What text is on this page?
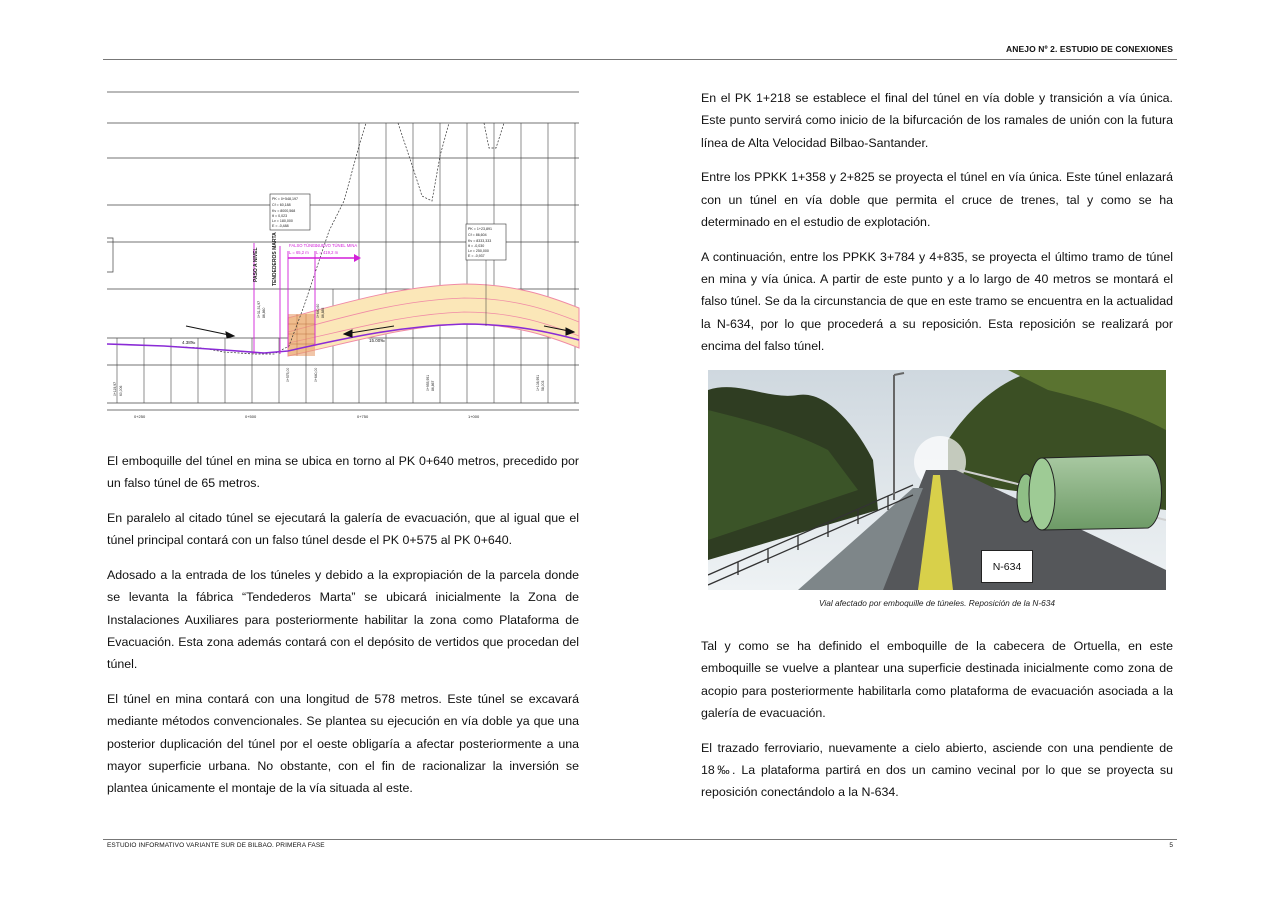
ANEJO Nº 2. ESTUDIO DE CONEXIONES
FALSO TÚNEL
NUEVO TÚNEL MINA
L = 65,2 m L = 419,2 m
PASO A NIVEL	TENDEDEROS MARTA
PK = 0+548,197
Cf = 60,188
Kv = 8000,568
θ = 0,023
Lv = 180,000
E = -0,488
PK = 1+23,891
Cf = 86,604
Kv = 8333,333
θ = -0,030
Lv = 250,000
E = -0,937
4.38‰	15.00‰
0+119,97 60,006
0+31,51,97 86,860
0+575,00	0+640,00
0+640,60 86,885
0+955,951 86,867	1+108,951 58,003
0+250	0+500	0+750	1+000

El emboquille del túnel en mina se ubica en torno al PK 0+640 metros, precedido por un falso túnel de 65 metros.

En paralelo al citado túnel se ejecutará la galería de evacuación, que al igual que el túnel principal contará con un falso túnel desde el PK 0+575 al PK 0+640.

Adosado a la entrada de los túneles y debido a la expropiación de la parcela donde se levanta la fábrica “Tendederos Marta” se ubicará inicialmente la Zona de Instalaciones Auxiliares para posteriormente habilitar la zona como Plataforma de Evacuación. Esta zona además contará con el depósito de vertidos que procedan del túnel.

El túnel en mina contará con una longitud de 578 metros. Este túnel se excavará mediante métodos convencionales. Se plantea su ejecución en vía doble ya que una posterior duplicación del túnel por el oeste obligaría a afectar posteriormente a una mayor superficie urbana. No obstante, con el fin de racionalizar la inversión se plantea únicamente el montaje de la vía situada al este.

En el PK 1+218 se establece el final del túnel en vía doble y transición a vía única. Este punto servirá como inicio de la bifurcación de los ramales de unión con la futura línea de Alta Velocidad Bilbao-Santander.

Entre los PPKK 1+358 y 2+825 se proyecta el túnel en vía única. Este túnel enlazará con un túnel en vía doble que permita el cruce de trenes, tal y como se ha determinado en el estudio de explotación.

A continuación, entre los PPKK 3+784 y 4+835, se proyecta el último tramo de túnel en mina y vía única. A partir de este punto y a lo largo de 40 metros se montará el falso túnel. Se da la circunstancia de que en este tramo se encuentra en la actualidad la N-634, por lo que procederá a su reposición. Esta reposición se realizará por encima del falso túnel.

N-634
Vial afectado por emboquille de túneles. Reposición de la N-634

Tal y como se ha definido el emboquille de la cabecera de Ortuella, en este emboquille se vuelve a plantear una superficie destinada inicialmente como zona de acopio para posteriormente habilitarla como plataforma de evacuación asociada a la galería de evacuación.

El trazado ferroviario, nuevamente a cielo abierto, asciende con una pendiente de 18‰. La plataforma partirá en dos un camino vecinal por lo que se proyecta su reposición conectándolo a la N-634.

ESTUDIO INFORMATIVO VARIANTE SUR DE BILBAO. PRIMERA FASE	5
